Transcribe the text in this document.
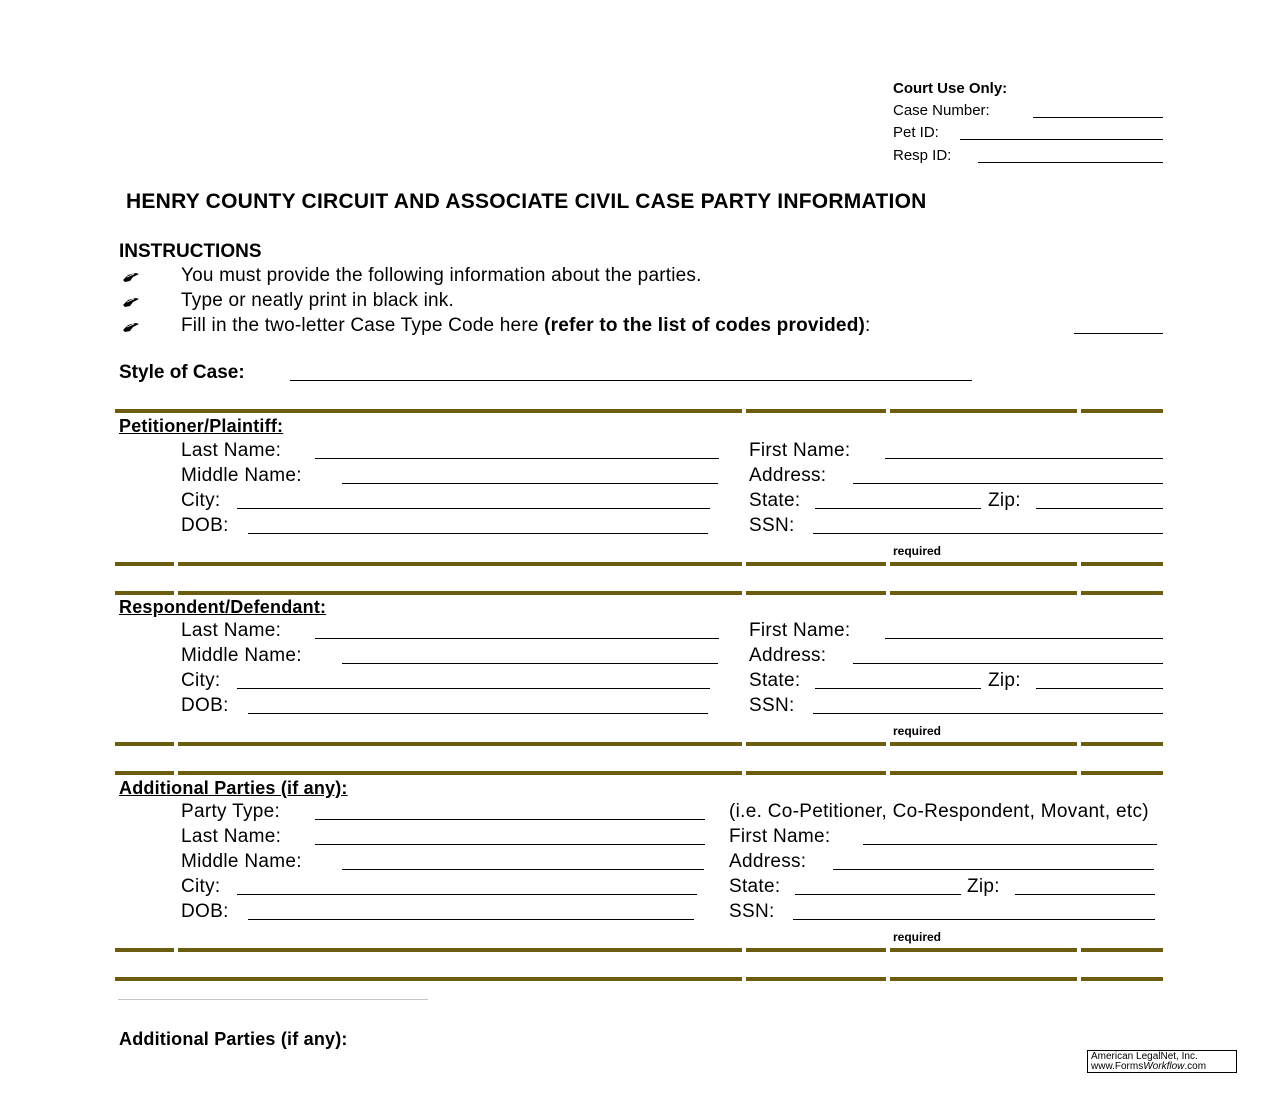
Court Use Only:
Case Number:
Pet ID:
Resp ID:
HENRY COUNTY CIRCUIT AND ASSOCIATE CIVIL CASE PARTY INFORMATION
INSTRUCTIONS
You must provide the following information about the parties.
Type or neatly print in black ink.
Fill in the two-letter Case Type Code here (refer to the list of codes provided):
Style of Case:
Petitioner/Plaintiff:
Last Name:	First Name:
Middle Name:	Address:
City:	State:	Zip:
DOB:	SSN:
required
Respondent/Defendant:
Last Name:	First Name:
Middle Name:	Address:
City:	State:	Zip:
DOB:	SSN:
required
Additional Parties (if any):
Party Type:	(i.e. Co-Petitioner, Co-Respondent, Movant, etc)
Last Name:	First Name:
Middle Name:	Address:
City:	State:	Zip:
DOB:	SSN:
required
Additional Parties (if any):
American LegalNet, Inc.
www.FormsWorkflow.com
